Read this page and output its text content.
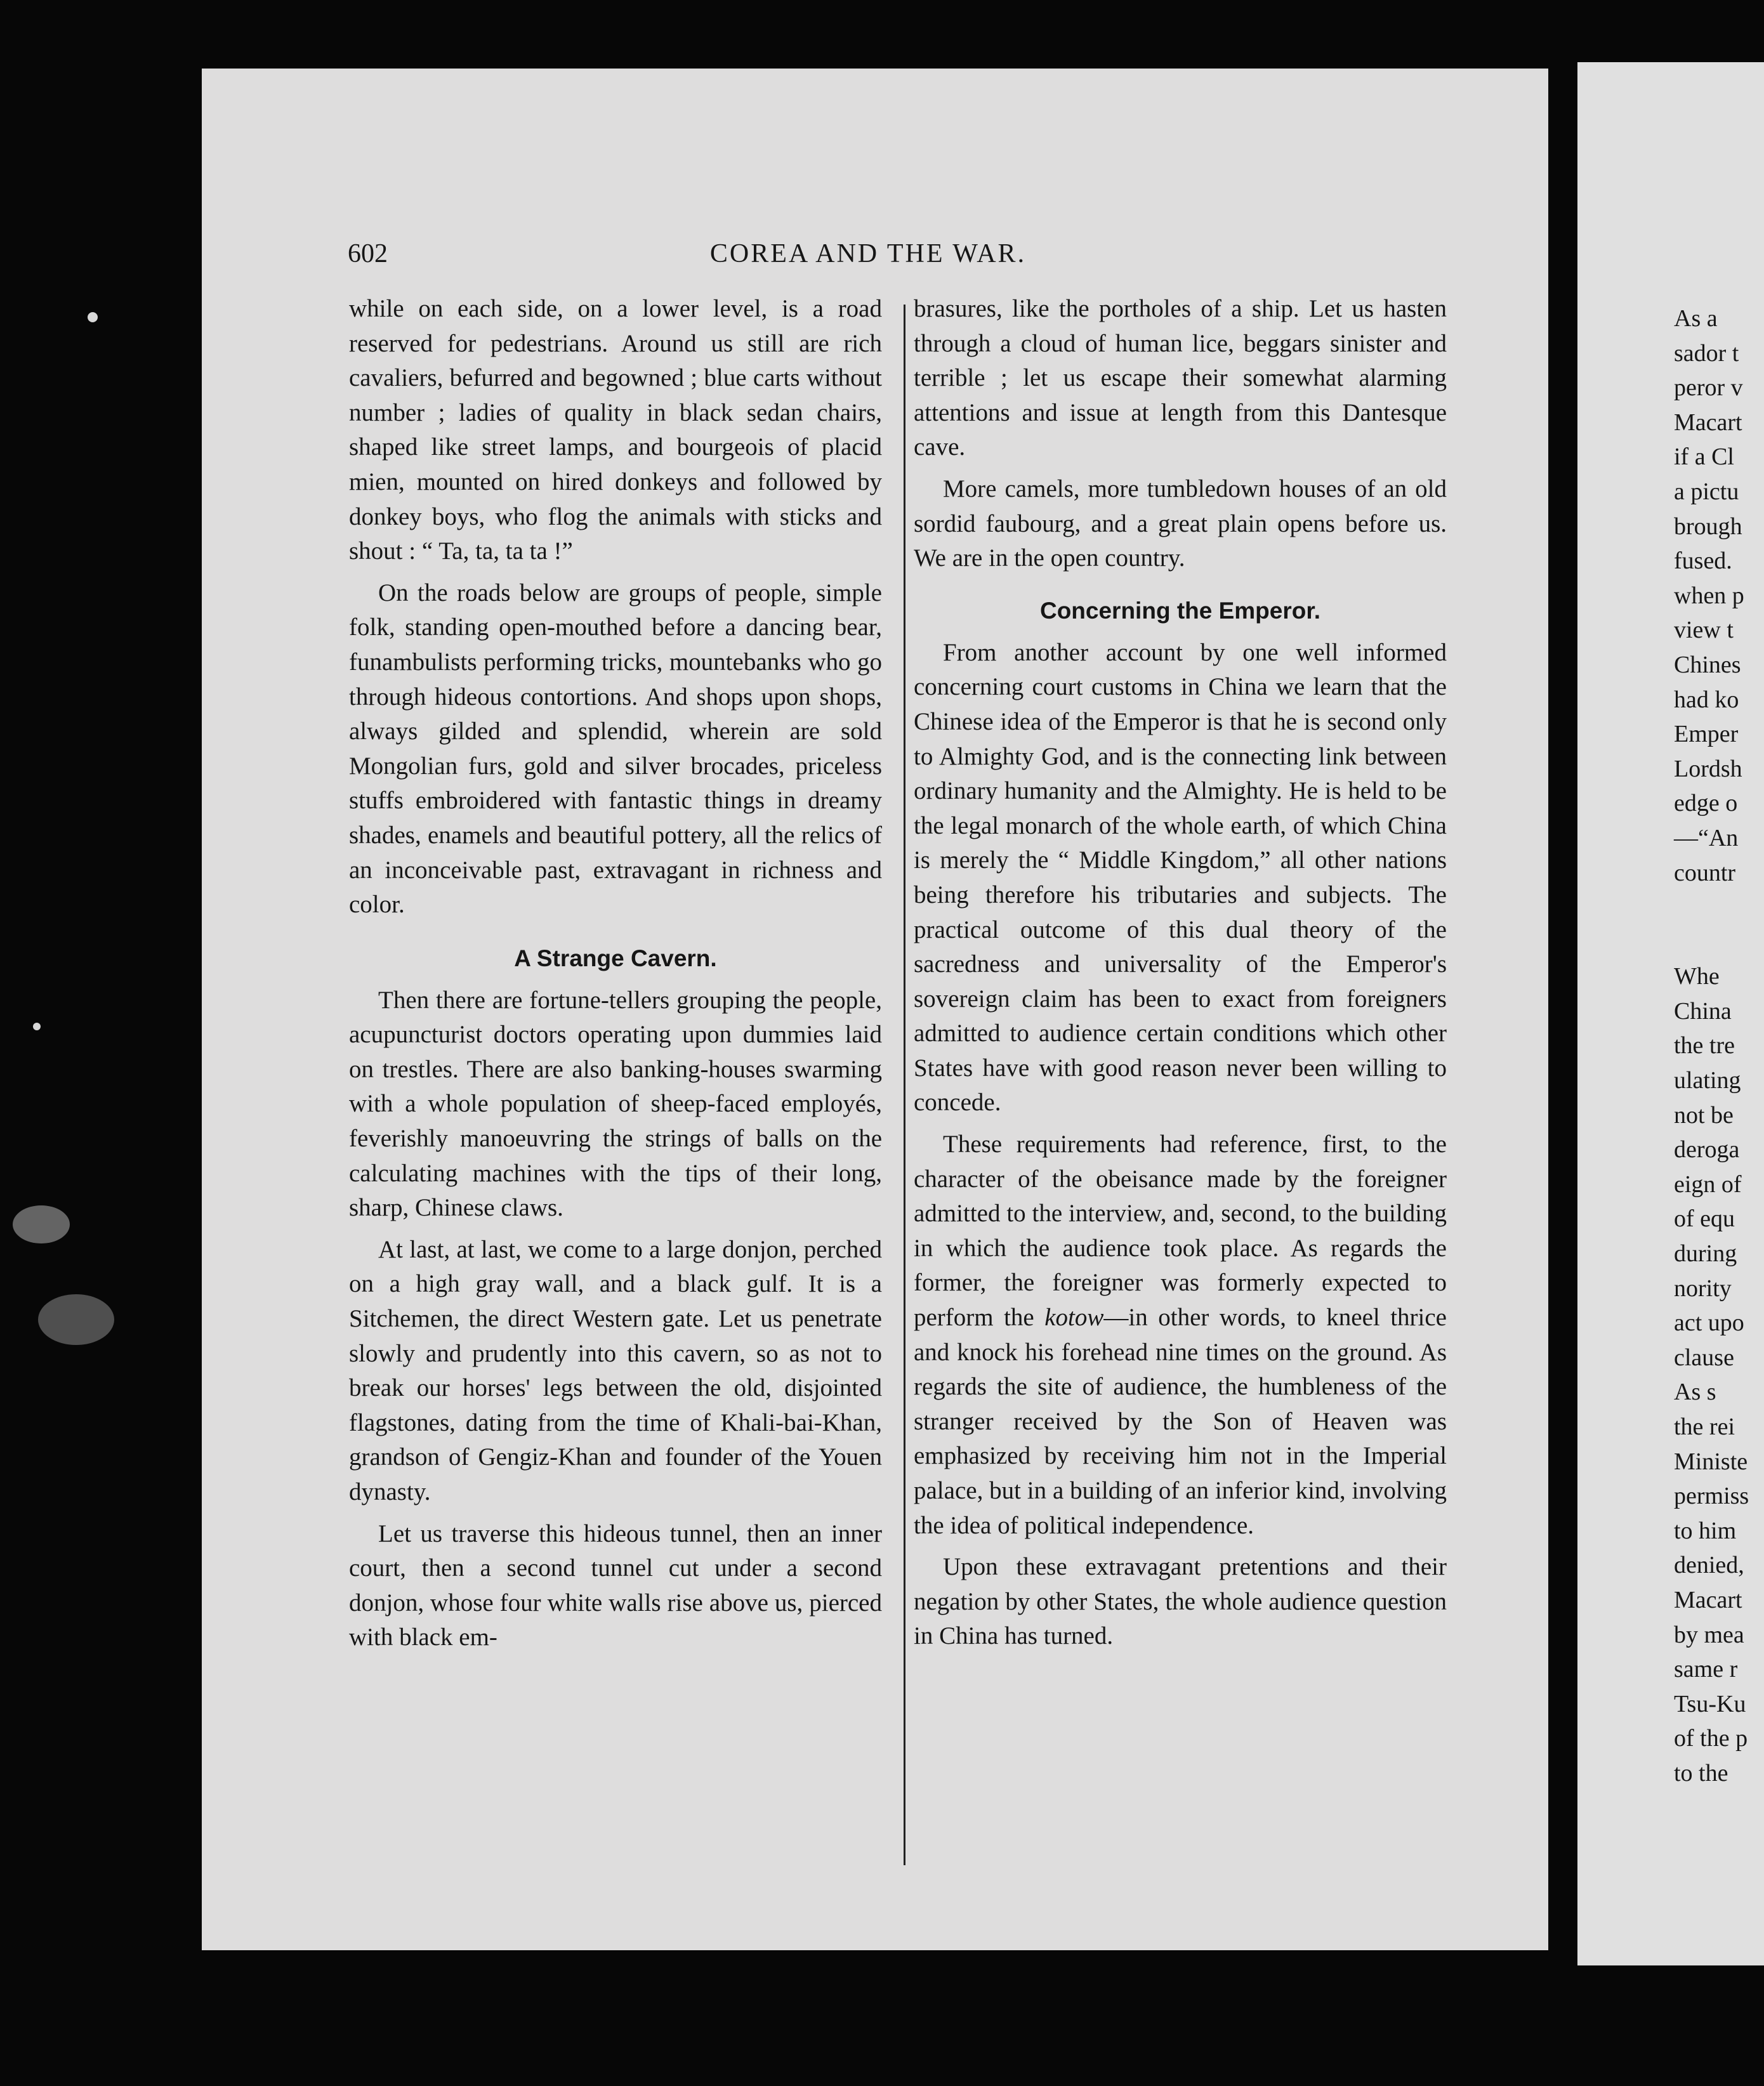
602	COREA AND THE WAR.

while on each side, on a lower level, is a road reserved for pedestrians. Around us still are rich cavaliers, befurred and begowned ; blue carts without number ; ladies of quality in black sedan chairs, shaped like street lamps, and bourgeois of placid mien, mounted on hired donkeys and followed by donkey boys, who flog the animals with sticks and shout : “ Ta, ta, ta ta !”

On the roads below are groups of people, simple folk, standing open-mouthed before a dancing bear, funambulists performing tricks, mountebanks who go through hideous contortions. And shops upon shops, always gilded and splendid, wherein are sold Mongolian furs, gold and silver brocades, priceless stuffs embroidered with fantastic things in dreamy shades, enamels and beautiful pottery, all the relics of an inconceivable past, extravagant in richness and color.

A Strange Cavern.

Then there are fortune-tellers grouping the people, acupuncturist doctors operating upon dummies laid on trestles. There are also banking-houses swarming with a whole population of sheep-faced employés, feverishly manoeuvring the strings of balls on the calculating machines with the tips of their long, sharp, Chinese claws.

At last, at last, we come to a large donjon, perched on a high gray wall, and a black gulf. It is a Sitchemen, the direct Western gate. Let us penetrate slowly and prudently into this cavern, so as not to break our horses' legs between the old, disjointed flagstones, dating from the time of Khali-bai-Khan, grandson of Gengiz-Khan and founder of the Youen dynasty.

Let us traverse this hideous tunnel, then an inner court, then a second tunnel cut under a second donjon, whose four white walls rise above us, pierced with black em-

brasures, like the portholes of a ship. Let us hasten through a cloud of human lice, beggars sinister and terrible ; let us escape their somewhat alarming attentions and issue at length from this Dantesque cave.

More camels, more tumbledown houses of an old sordid faubourg, and a great plain opens before us. We are in the open country.

Concerning the Emperor.

From another account by one well informed concerning court customs in China we learn that the Chinese idea of the Emperor is that he is second only to Almighty God, and is the connecting link between ordinary humanity and the Almighty. He is held to be the legal monarch of the whole earth, of which China is merely the “ Middle Kingdom,” all other nations being therefore his tributaries and subjects. The practical outcome of this dual theory of the sacredness and universality of the Emperor's sovereign claim has been to exact from foreigners admitted to audience certain conditions which other States have with good reason never been willing to concede.

These requirements had reference, first, to the character of the obeisance made by the foreigner admitted to the interview, and, second, to the building in which the audience took place. As regards the former, the foreigner was formerly expected to perform the kotow—in other words, to kneel thrice and knock his forehead nine times on the ground. As regards the site of audience, the humbleness of the stranger received by the Son of Heaven was emphasized by receiving him not in the Imperial palace, but in a building of an inferior kind, involving the idea of political independence.

Upon these extravagant pretentions and their negation by other States, the whole audience question in China has turned.

As a
sador t
peror v
Macart
if a Cl
a pictu
brough
fused.
when p
view t
Chines
had ko
Emper
Lordsh
edge o
—“An
countr

Whe
China
the tre
ulating
not be
deroga
eign of
of equ
during
nority
act upo
clause
As s
the rei
Ministe
permiss
to him
denied,
Macart
by mea
same r
Tsu-Ku
of the p
to the
